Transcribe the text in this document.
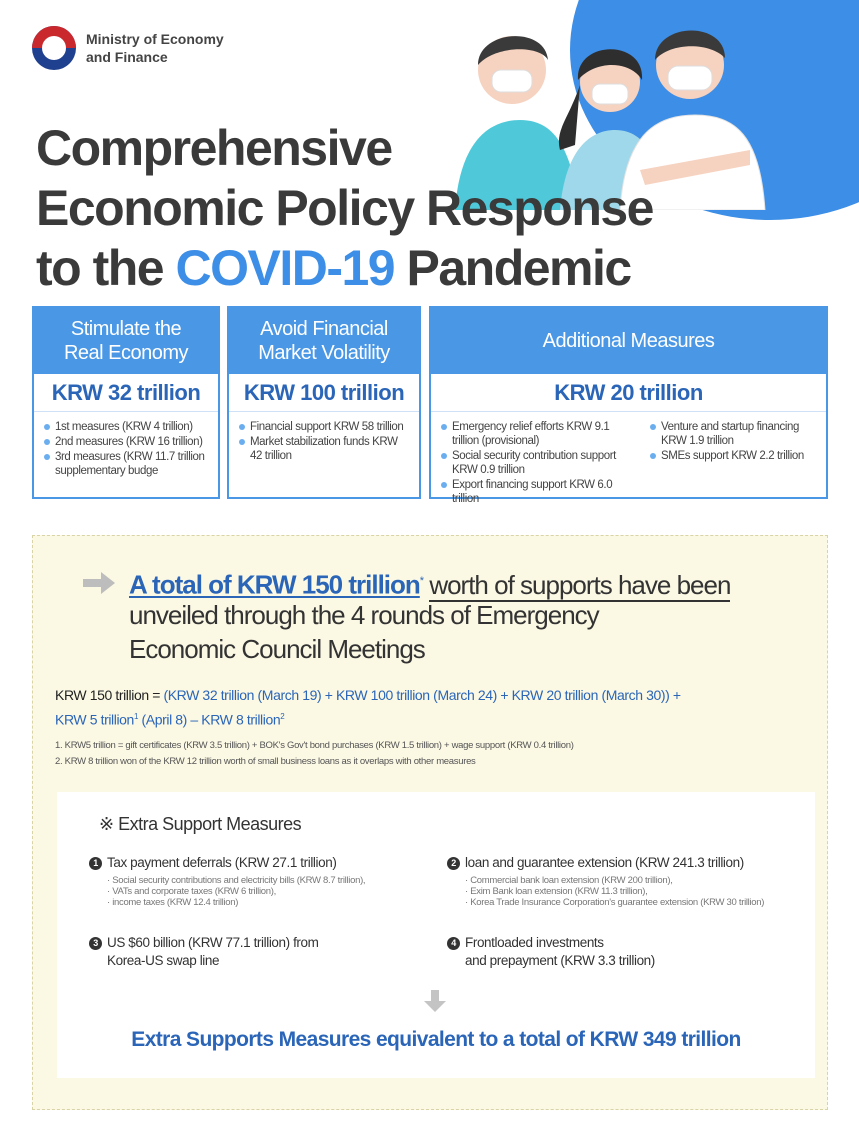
Ministry of Economy
and Finance
Comprehensive
Economic Policy Response
to the COVID-19 Pandemic
Stimulate the
Real Economy
KRW 32 trillion
1st measures (KRW 4 trillion)
2nd measures (KRW 16 trillion)
3rd measures (KRW 11.7 trillion supplementary budge
Avoid Financial
Market Volatility
KRW 100 trillion
Financial support KRW 58 trillion
Market stabilization funds KRW 42 trillion
Additional Measures
KRW 20 trillion
Emergency relief efforts KRW 9.1 trillion (provisional)
Social security contribution support KRW 0.9 trillion
Export financing support KRW 6.0 trillion
Venture and startup financing KRW 1.9 trillion
SMEs support KRW 2.2 trillion
A total of KRW 150 trillion* worth of supports have been
unveiled through the 4 rounds of Emergency
Economic Council Meetings
KRW 150 trillion = (KRW 32 trillion (March 19) + KRW 100 trillion (March 24) + KRW 20 trillion (March 30)) +
KRW 5 trillion$^1$ (April 8) – KRW 8 trillion$^2$
1. KRW5 trillion = gift certificates (KRW 3.5 trillion) + BOK's Gov't bond purchases (KRW 1.5 trillion) + wage support (KRW 0.4 trillion)
2. KRW 8 trillion won of the KRW 12 trillion worth of small business loans as it overlaps with other measures
※ Extra Support Measures
1 Tax payment deferrals (KRW 27.1 trillion)
· Social security contributions and electricity bills (KRW 8.7 trillion),
· VATs and corporate taxes (KRW 6 trillion),
· income taxes (KRW 12.4 trillion)
2 loan and guarantee extension (KRW 241.3 trillion)
· Commercial bank loan extension (KRW 200 trillion),
· Exim Bank loan extension (KRW 11.3 trillion),
· Korea Trade Insurance Corporation's guarantee extension (KRW 30 trillion)
3 US $60 billion (KRW 77.1 trillion) from
Korea-US swap line
4 Frontloaded investments
and prepayment (KRW 3.3 trillion)
Extra Supports Measures equivalent to a total of KRW 349 trillion
